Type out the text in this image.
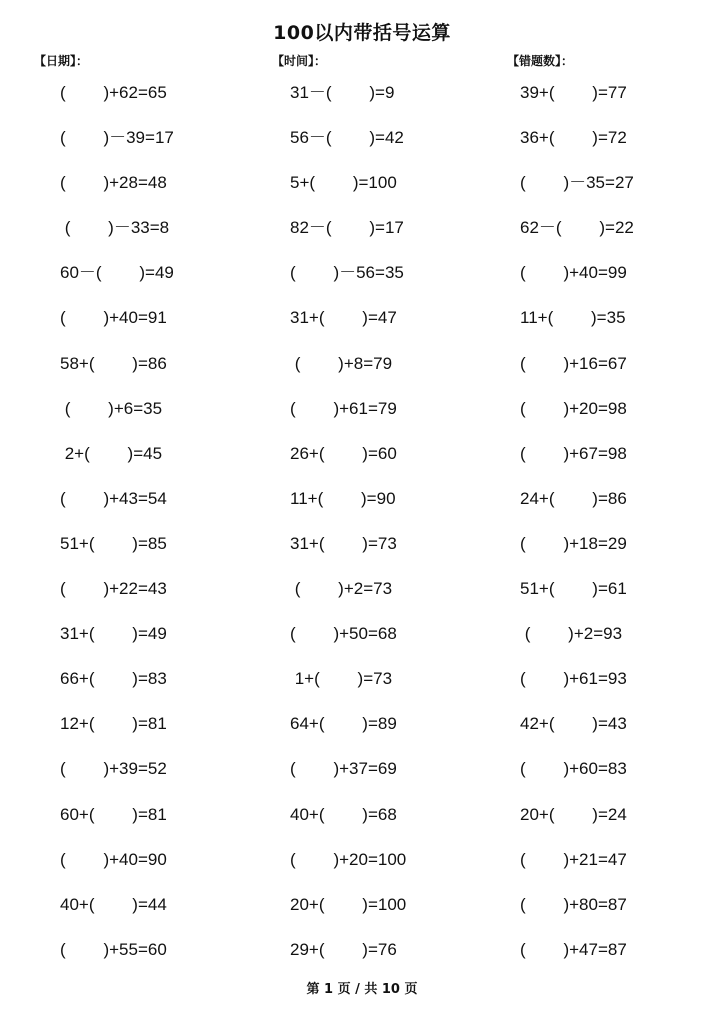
100以内带括号运算
【日期】：	【时间】：	【错题数】：
(        )+62=65	31－(        )=9	39+(        )=77
(        )－39=17	56－(        )=42	36+(        )=72
(        )+28=48	5+(        )=100	(        )－35=27
(        )－33=8	82－(        )=17	62－(        )=22
60－(        )=49	(        )－56=35	(        )+40=99
(        )+40=91	31+(        )=47	11+(        )=35
58+(        )=86	(        )+8=79	(        )+16=67
(        )+6=35	(        )+61=79	(        )+20=98
2+(        )=45	26+(        )=60	(        )+67=98
(        )+43=54	11+(        )=90	24+(        )=86
51+(        )=85	31+(        )=73	(        )+18=29
(        )+22=43	(        )+2=73	51+(        )=61
31+(        )=49	(        )+50=68	(        )+2=93
66+(        )=83	1+(        )=73	(        )+61=93
12+(        )=81	64+(        )=89	42+(        )=43
(        )+39=52	(        )+37=69	(        )+60=83
60+(        )=81	40+(        )=68	20+(        )=24
(        )+40=90	(        )+20=100	(        )+21=47
40+(        )=44	20+(        )=100	(        )+80=87
(        )+55=60	29+(        )=76	(        )+47=87
第 1 页 / 共 10 页
